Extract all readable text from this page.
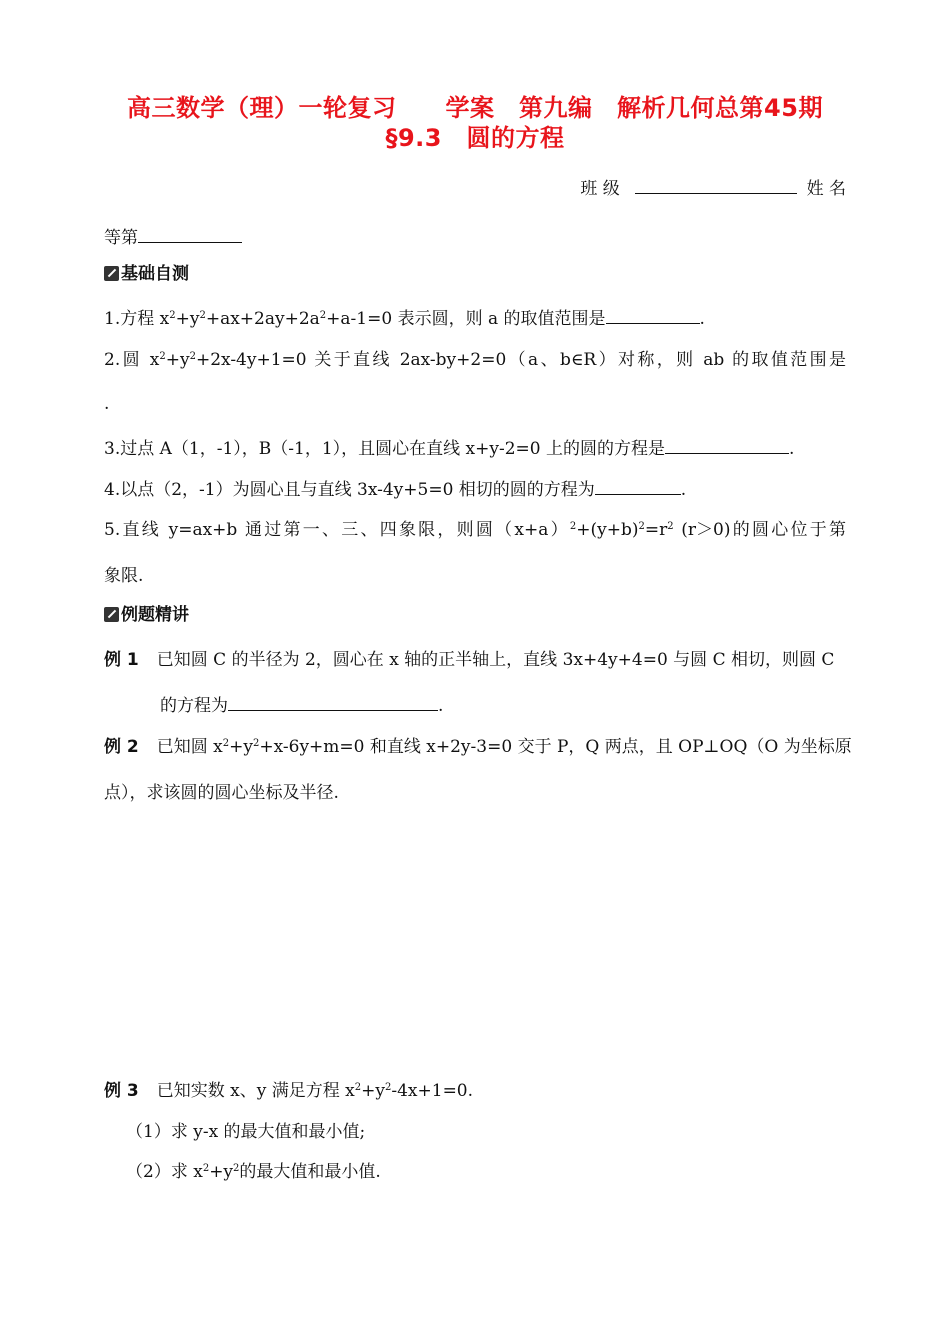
高三数学（理）一轮复习　　学案　第九编　解析几何总第45期
§9.3　圆的方程
班 级	姓 名
等第
基础自测
1.方程 $x^2+y^2+ax+2ay+2a^2+a-1=0$ 表示圆，则 a 的取值范围是	.
2.圆 $x^2+y^2+2x-4y+1=0$ 关于直线 2ax-by+2=0（a、b∈R）对称，则 ab 的取值范围是
.
3.过点 A（1，-1），B（-1，1），且圆心在直线 x+y-2=0 上的圆的方程是	.
4.以点（2，-1）为圆心且与直线 3x-4y+5=0 相切的圆的方程为	.
5.直线 y=ax+b 通过第一、三、四象限，则圆$(x+a)^2+(y+b)^2=r^2$ (r＞0)的圆心位于第
象限.
例题精讲
例 1 已知圆 C 的半径为 2，圆心在 x 轴的正半轴上，直线 3x+4y+4=0 与圆 C 相切，则圆 C
的方程为	.
例 2 已知圆 $x^2+y^2+x-6y+m=0$ 和直线 x+2y-3=0 交于 P，Q 两点，且 OP⊥OQ（O 为坐标原
点），求该圆的圆心坐标及半径.
例 3 已知实数 x、y 满足方程 $x^2+y^2-4x+1=0$.
（1）求 y-x 的最大值和最小值;
（2）求 $x^2+y^2$的最大值和最小值.
